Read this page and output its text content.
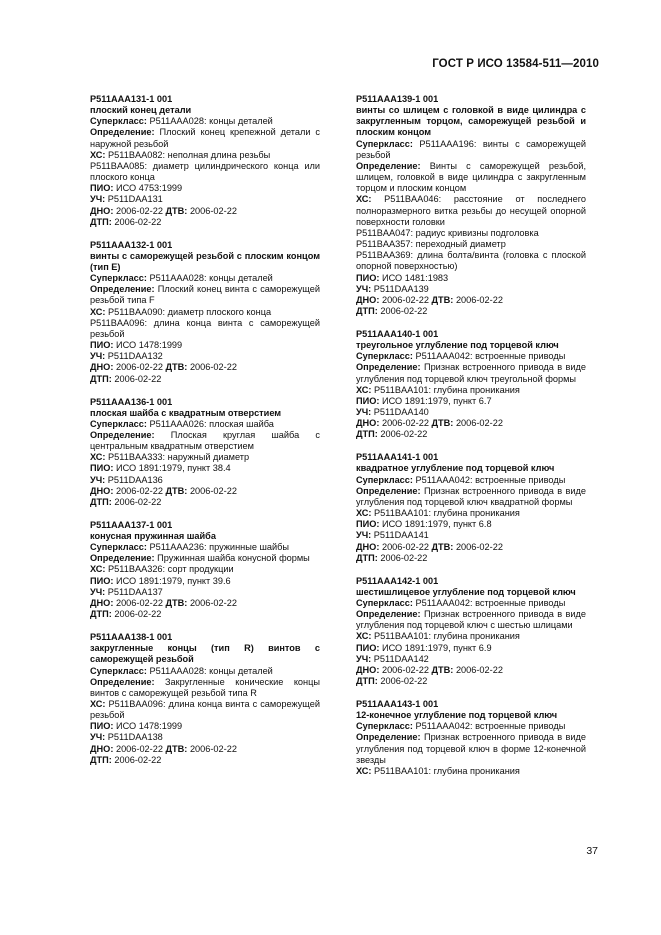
ГОСТ Р ИСО 13584-511—2010
P511AAA131-1 001
плоский конец детали
Суперкласс: P511AAA028: концы деталей
Определение: Плоский конец крепежной детали с наружной резьбой
ХС: P511BAA082: неполная длина резьбы
P511BAA085: диаметр цилиндрического конца или плоского конца
ПИО: ИСО 4753:1999
УЧ: P511DAA131
ДНО: 2006-02-22 ДТВ: 2006-02-22
ДТП: 2006-02-22
P511AAA132-1 001
винты с саморежущей резьбой с плоским концом (тип E)
Суперкласс: P511AAA028: концы деталей
Определение: Плоский конец винта с саморежущей резьбой типа F
ХС: P511BAA090: диаметр плоского конца
P511BAA096: длина конца винта с саморежущей резьбой
ПИО: ИСО 1478:1999
УЧ: P511DAA132
ДНО: 2006-02-22 ДТВ: 2006-02-22
ДТП: 2006-02-22
P511AAA136-1 001
плоская шайба с квадратным отверстием
Суперкласс: P511AAA026: плоская шайба
Определение: Плоская круглая шайба с центральным квадратным отверстием
ХС: P511BAA333: наружный диаметр
ПИО: ИСО 1891:1979, пункт 38.4
УЧ: P511DAA136
ДНО: 2006-02-22 ДТВ: 2006-02-22
ДТП: 2006-02-22
P511AAA137-1 001
конусная пружинная шайба
Суперкласс: P511AAA236: пружинные шайбы
Определение: Пружинная шайба конусной формы
ХС: P511BAA326: сорт продукции
ПИО: ИСО 1891:1979, пункт 39.6
УЧ: P511DAA137
ДНО: 2006-02-22 ДТВ: 2006-02-22
ДТП: 2006-02-22
P511AAA138-1 001
закругленные концы (тип R) винтов с саморежущей резьбой
Суперкласс: P511AAA028: концы деталей
Определение: Закругленные конические концы винтов с саморежущей резьбой типа R
ХС: P511BAA096: длина конца винта с саморежущей резьбой
ПИО: ИСО 1478:1999
УЧ: P511DAA138
ДНО: 2006-02-22 ДТВ: 2006-02-22
ДТП: 2006-02-22
P511AAA139-1 001
винты со шлицем с головкой в виде цилиндра с закругленным торцом, саморежущей резьбой и плоским концом
Суперкласс: P511AAA196: винты с саморежущей резьбой
Определение: Винты с саморежущей резьбой, шлицем, головкой в виде цилиндра с закругленным торцом и плоским концом
ХС: P511BAA046: расстояние от последнего полноразмерного витка резьбы до несущей опорной поверхности головки
P511BAA047: радиус кривизны подголовка
P511BAA357: переходный диаметр
P511BAA369: длина болта/винта (головка с плоской опорной поверхностью)
ПИО: ИСО 1481:1983
УЧ: P511DAA139
ДНО: 2006-02-22 ДТВ: 2006-02-22
ДТП: 2006-02-22
P511AAA140-1 001
треугольное углубление под торцевой ключ
Суперкласс: P511AAA042: встроенные приводы
Определение: Признак встроенного привода в виде углубления под торцевой ключ треугольной формы
ХС: P511BAA101: глубина проникания
ПИО: ИСО 1891:1979, пункт 6.7
УЧ: P511DAA140
ДНО: 2006-02-22 ДТВ: 2006-02-22
ДТП: 2006-02-22
P511AAA141-1 001
квадратное углубление под торцевой ключ
Суперкласс: P511AAA042: встроенные приводы
Определение: Признак встроенного привода в виде углубления под торцевой ключ квадратной формы
ХС: P511BAA101: глубина проникания
ПИО: ИСО 1891:1979, пункт 6.8
УЧ: P511DAA141
ДНО: 2006-02-22 ДТВ: 2006-02-22
ДТП: 2006-02-22
P511AAA142-1 001
шестишлицевое углубление под торцевой ключ
Суперкласс: P511AAA042: встроенные приводы
Определение: Признак встроенного привода в виде углубления под торцевой ключ с шестью шлицами
ХС: P511BAA101: глубина проникания
ПИО: ИСО 1891:1979, пункт 6.9
УЧ: P511DAA142
ДНО: 2006-02-22 ДТВ: 2006-02-22
ДТП: 2006-02-22
P511AAA143-1 001
12-конечное углубление под торцевой ключ
Суперкласс: P511AAA042: встроенные приводы
Определение: Признак встроенного привода в виде углубления под торцевой ключ в форме 12-конечной звезды
ХС: P511BAA101: глубина проникания
37
